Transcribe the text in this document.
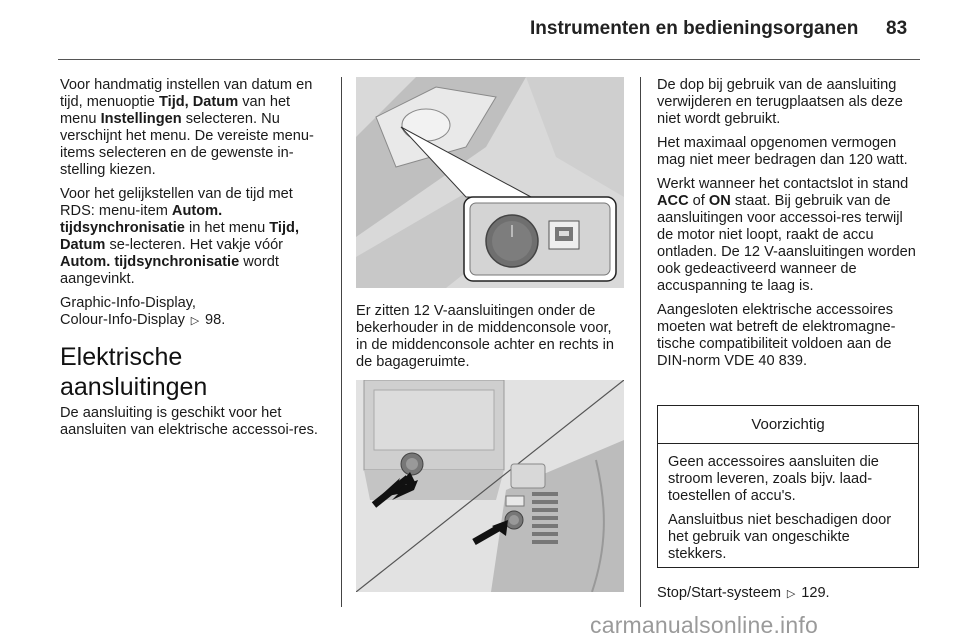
Instrumenten en bedieningsorganen 83

Voor handmatig instellen van datum en tijd, menuoptie Tijd, Datum van het menu Instellingen selecteren. Nu verschijnt het menu. De vereiste menu-items selecteren en de gewenste in-stelling kiezen.

Voor het gelijkstellen van de tijd met RDS: menu-item Autom. tijdsynchronisatie in het menu Tijd, Datum se-lecteren. Het vakje vóór Autom. tijdsynchronisatie wordt aangevinkt.

Graphic-Info-Display,
Colour-Info-Display ▷ 98.

Elektrische aansluitingen

De aansluiting is geschikt voor het aansluiten van elektrische accessoi-res.

Er zitten 12 V-aansluitingen onder de bekerhouder in de middenconsole voor, in de middenconsole achter en rechts in de bagageruimte.

De dop bij gebruik van de aansluiting verwijderen en terugplaatsen als deze niet wordt gebruikt.

Het maximaal opgenomen vermogen mag niet meer bedragen dan 120 watt.

Werkt wanneer het contactslot in stand ACC of ON staat. Bij gebruik van de aansluitingen voor accessoi-res terwijl de motor niet loopt, raakt de accu ontladen. De 12 V-aansluitingen worden ook gedeactiveerd wanneer de accuspanning te laag is.

Aangesloten elektrische accessoires moeten wat betreft de elektromagne-tische compatibiliteit voldoen aan de DIN-norm VDE 40 839.

Voorzichtig

Geen accessoires aansluiten die stroom leveren, zoals bijv. laad-toestellen of accu's.

Aansluitbus niet beschadigen door het gebruik van ongeschikte stekkers.

Stop/Start-systeem ▷ 129.
carmanualsonline.info
